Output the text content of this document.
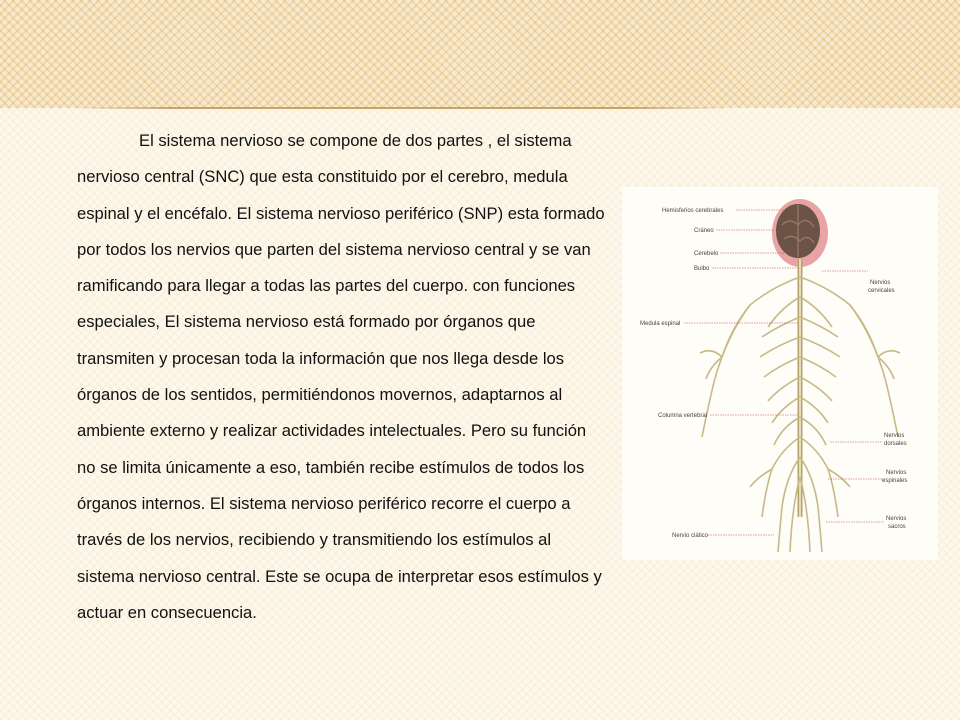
El sistema nervioso se compone de dos partes , el sistema nervioso central (SNC) que esta constituido por el cerebro, medula espinal y el encéfalo. El sistema nervioso periférico (SNP) esta formado por todos los nervios que parten del sistema nervioso central y se van ramificando para llegar a todas las partes del cuerpo. con funciones especiales, El sistema nervioso está formado por órganos que transmiten y procesan toda la información que nos llega desde los órganos de los sentidos, permitiéndonos movernos, adaptarnos al ambiente externo y realizar actividades intelectuales. Pero su función no se limita únicamente a eso, también recibe estímulos de todos los órganos internos. El sistema nervioso periférico recorre el cuerpo a través de los nervios, recibiendo y transmitiendo los estímulos al sistema nervioso central. Este se ocupa de interpretar esos estímulos y actuar en consecuencia.

Hemisferios cerebrales
Cráneo
Cerebelo
Bulbo
Medula espinal
Columna vertebral
Nervio ciático
Nervios
cervicales
Nervios
dorsales
Nervios
espinales
Nervios
sacros
